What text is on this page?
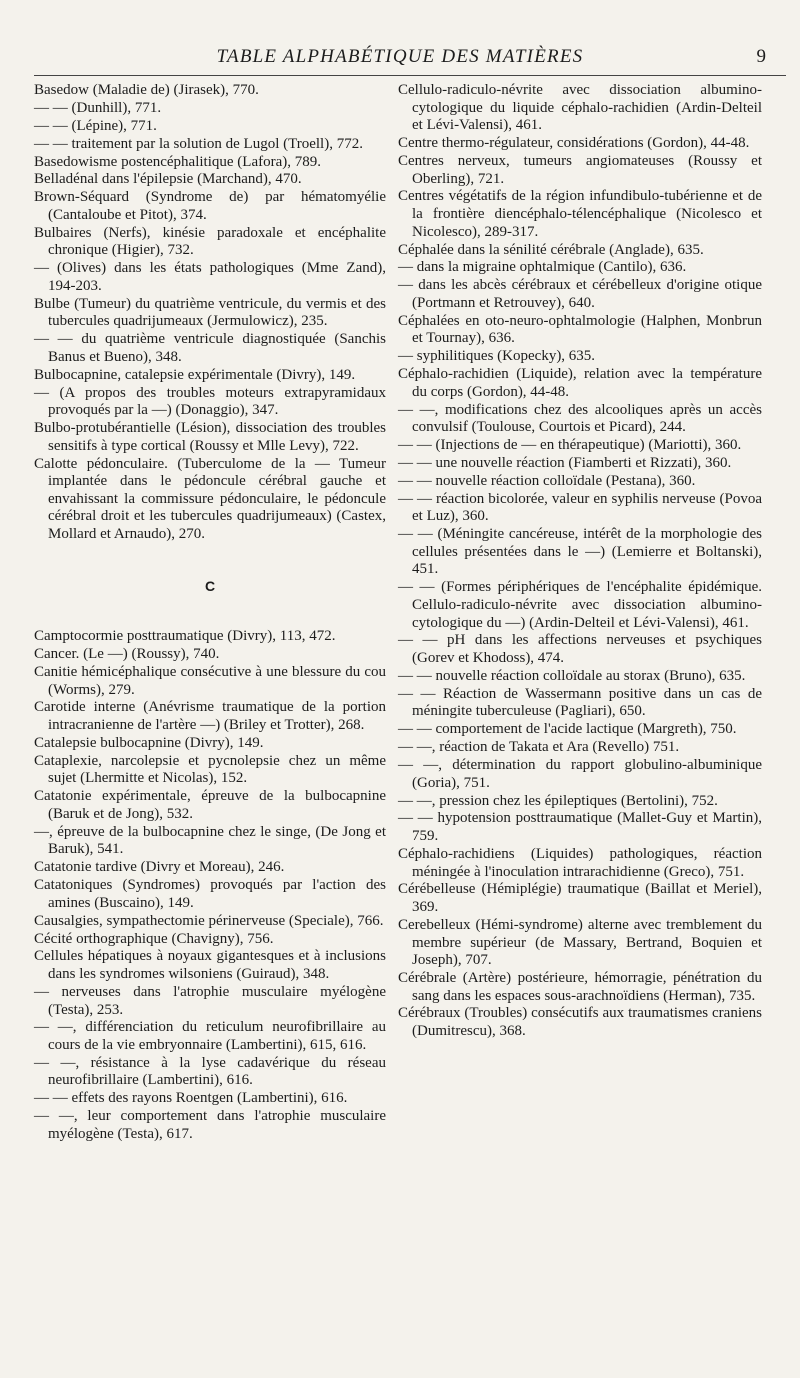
TABLE ALPHABÉTIQUE DES MATIÈRES	9
Basedow (Maladie de) (Jirasek), 770.
— — (Dunhill), 771.
— — (Lépine), 771.
— — traitement par la solution de Lugol (Troell), 772.
Basedowisme postencéphalitique (Lafora), 789.
Belladénal dans l'épilepsie (Marchand), 470.
Brown-Séquard (Syndrome de) par hématomyélie (Cantaloube et Pitot), 374.
Bulbaires (Nerfs), kinésie paradoxale et encéphalite chronique (Higier), 732.
— (Olives) dans les états pathologiques (Mme Zand), 194-203.
Bulbe (Tumeur) du quatrième ventricule, du vermis et des tubercules quadrijumeaux (Jermulowicz), 235.
— — du quatrième ventricule diagnostiquée (Sanchis Banus et Bueno), 348.
Bulbocapnine, catalepsie expérimentale (Divry), 149.
— (A propos des troubles moteurs extrapyramidaux provoqués par la —) (Donaggio), 347.
Bulbo-protubérantielle (Lésion), dissociation des troubles sensitifs à type cortical (Roussy et Mlle Levy), 722.
Calotte pédonculaire. (Tuberculome de la — Tumeur implantée dans le pédoncule cérébral gauche et envahissant la commissure pédonculaire, le pédoncule cérébral droit et les tubercules quadrijumeaux) (Castex, Mollard et Arnaudo), 270.
C
Camptocormie posttraumatique (Divry), 113, 472.
Cancer. (Le —) (Roussy), 740.
Canitie hémicéphalique consécutive à une blessure du cou (Worms), 279.
Carotide interne (Anévrisme traumatique de la portion intracranienne de l'artère —) (Briley et Trotter), 268.
Catalepsie bulbocapnine (Divry), 149.
Cataplexie, narcolepsie et pycnolepsie chez un même sujet (Lhermitte et Nicolas), 152.
Catatonie expérimentale, épreuve de la bulbocapnine (Baruk et de Jong), 532.
—, épreuve de la bulbocapnine chez le singe, (De Jong et Baruk), 541.
Catatonie tardive (Divry et Moreau), 246.
Catatoniques (Syndromes) provoqués par l'action des amines (Buscaino), 149.
Causalgies, sympathectomie périnerveuse (Speciale), 766.
Cécité orthographique (Chavigny), 756.
Cellules hépatiques à noyaux gigantesques et à inclusions dans les syndromes wilsoniens (Guiraud), 348.
— nerveuses dans l'atrophie musculaire myélogène (Testa), 253.
— —, différenciation du reticulum neurofibrillaire au cours de la vie embryonnaire (Lambertini), 615, 616.
— —, résistance à la lyse cadavérique du réseau neurofibrillaire (Lambertini), 616.
— — effets des rayons Roentgen (Lambertini), 616.
— —, leur comportement dans l'atrophie musculaire myélogène (Testa), 617.
Cellulo-radiculo-névrite avec dissociation albumino-cytologique du liquide céphalo-rachidien (Ardin-Delteil et Lévi-Valensi), 461.
Centre thermo-régulateur, considérations (Gordon), 44-48.
Centres nerveux, tumeurs angiomateuses (Roussy et Oberling), 721.
Centres végétatifs de la région infundibulo-tubérienne et de la frontière diencéphalo-télencéphalique (Nicolesco et Nicolesco), 289-317.
Céphalée dans la sénilité cérébrale (Anglade), 635.
— dans la migraine ophtalmique (Cantilo), 636.
— dans les abcès cérébraux et cérébelleux d'origine otique (Portmann et Retrouvey), 640.
Céphalées en oto-neuro-ophtalmologie (Halphen, Monbrun et Tournay), 636.
— syphilitiques (Kopecky), 635.
Céphalo-rachidien (Liquide), relation avec la température du corps (Gordon), 44-48.
— —, modifications chez des alcooliques après un accès convulsif (Toulouse, Courtois et Picard), 244.
— — (Injections de — en thérapeutique) (Mariotti), 360.
— — une nouvelle réaction (Fiamberti et Rizzati), 360.
— — nouvelle réaction colloïdale (Pestana), 360.
— — réaction bicolorée, valeur en syphilis nerveuse (Povoa et Luz), 360.
— — (Méningite cancéreuse, intérêt de la morphologie des cellules présentées dans le —) (Lemierre et Boltanski), 451.
— — (Formes périphériques de l'encéphalite épidémique. Cellulo-radiculo-névrite avec dissociation albumino-cytologique du —) (Ardin-Delteil et Lévi-Valensi), 461.
— — pH dans les affections nerveuses et psychiques (Gorev et Khodoss), 474.
— — nouvelle réaction colloïdale au storax (Bruno), 635.
— — Réaction de Wassermann positive dans un cas de méningite tuberculeuse (Pagliari), 650.
— — comportement de l'acide lactique (Margreth), 750.
— —, réaction de Takata et Ara (Revello) 751.
— —, détermination du rapport globulino-albuminique (Goria), 751.
— —, pression chez les épileptiques (Bertolini), 752.
— — hypotension posttraumatique (Mallet-Guy et Martin), 759.
Céphalo-rachidiens (Liquides) pathologiques, réaction méningée à l'inoculation intrarachidienne (Greco), 751.
Cérébelleuse (Hémiplégie) traumatique (Baillat et Meriel), 369.
Cerebelleux (Hémi-syndrome) alterne avec tremblement du membre supérieur (de Massary, Bertrand, Boquien et Joseph), 707.
Cérébrale (Artère) postérieure, hémorragie, pénétration du sang dans les espaces sous-arachnoïdiens (Herman), 735.
Cérébraux (Troubles) consécutifs aux traumatismes craniens (Dumitrescu), 368.
